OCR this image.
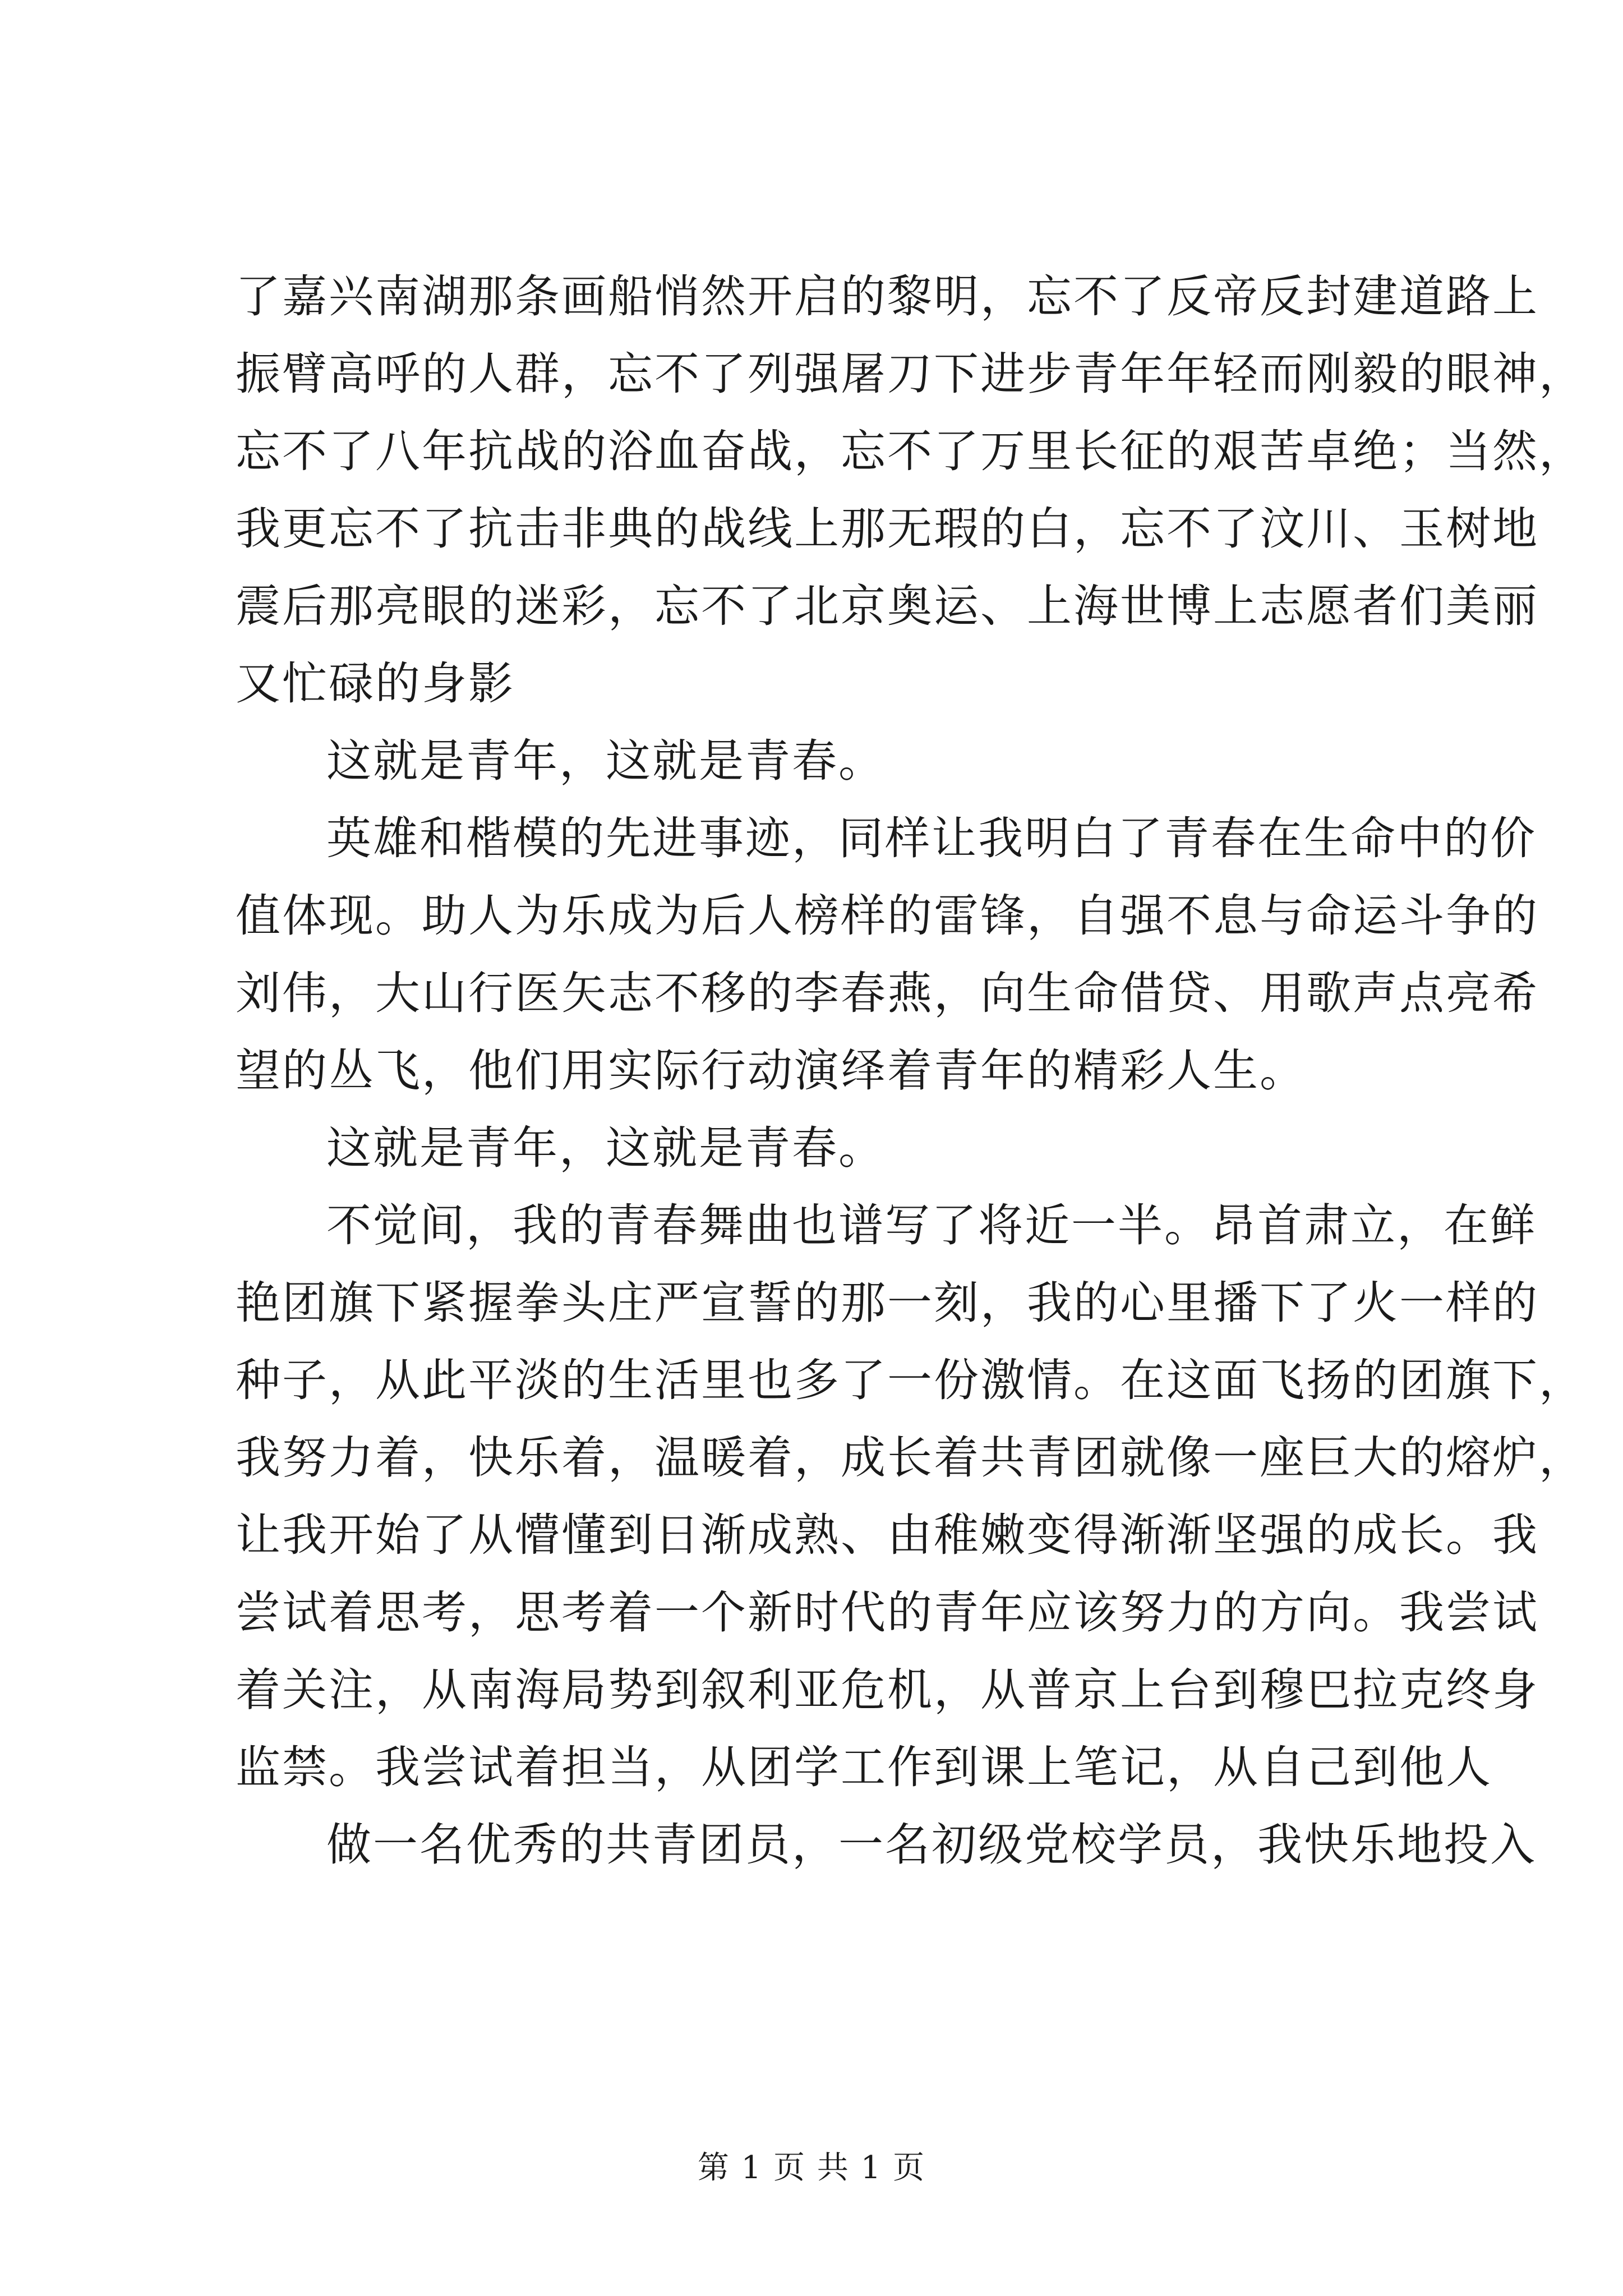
了嘉兴南湖那条画船悄然开启的黎明，忘不了反帝反封建道路上
振臂高呼的人群，忘不了列强屠刀下进步青年年轻而刚毅的眼神，
忘不了八年抗战的浴血奋战，忘不了万里长征的艰苦卓绝；当然，
我更忘不了抗击非典的战线上那无瑕的白，忘不了汶川、玉树地
震后那亮眼的迷彩，忘不了北京奥运、上海世博上志愿者们美丽
又忙碌的身影
这就是青年，这就是青春。
英雄和楷模的先进事迹，同样让我明白了青春在生命中的价
值体现。助人为乐成为后人榜样的雷锋，自强不息与命运斗争的
刘伟，大山行医矢志不移的李春燕，向生命借贷、用歌声点亮希
望的丛飞，他们用实际行动演绎着青年的精彩人生。
这就是青年，这就是青春。
不觉间，我的青春舞曲也谱写了将近一半。昂首肃立，在鲜
艳团旗下紧握拳头庄严宣誓的那一刻，我的心里播下了火一样的
种子，从此平淡的生活里也多了一份激情。在这面飞扬的团旗下，
我努力着，快乐着，温暖着，成长着共青团就像一座巨大的熔炉，
让我开始了从懵懂到日渐成熟、由稚嫩变得渐渐坚强的成长。我
尝试着思考，思考着一个新时代的青年应该努力的方向。我尝试
着关注，从南海局势到叙利亚危机，从普京上台到穆巴拉克终身
监禁。我尝试着担当，从团学工作到课上笔记，从自己到他人
做一名优秀的共青团员，一名初级党校学员，我快乐地投入
第 1 页 共 1 页
